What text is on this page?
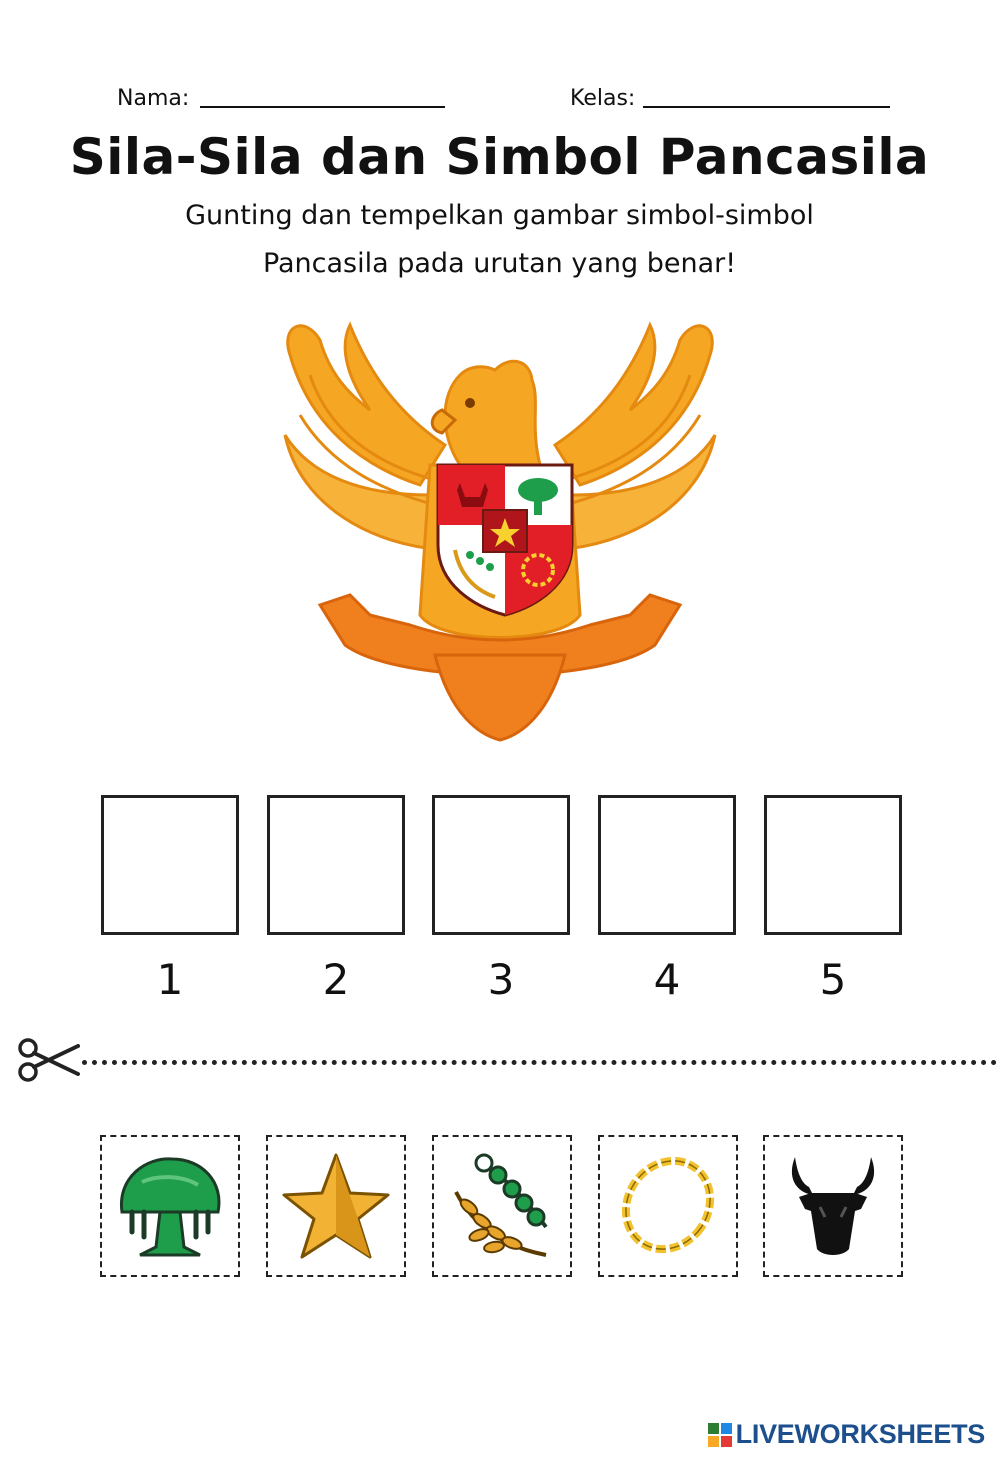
Nama:	Kelas:
Sila-Sila dan Simbol Pancasila
Gunting dan tempelkan gambar simbol-simbol
Pancasila pada urutan yang benar!
1	2	3	4	5
LIVEWORKSHEETS
